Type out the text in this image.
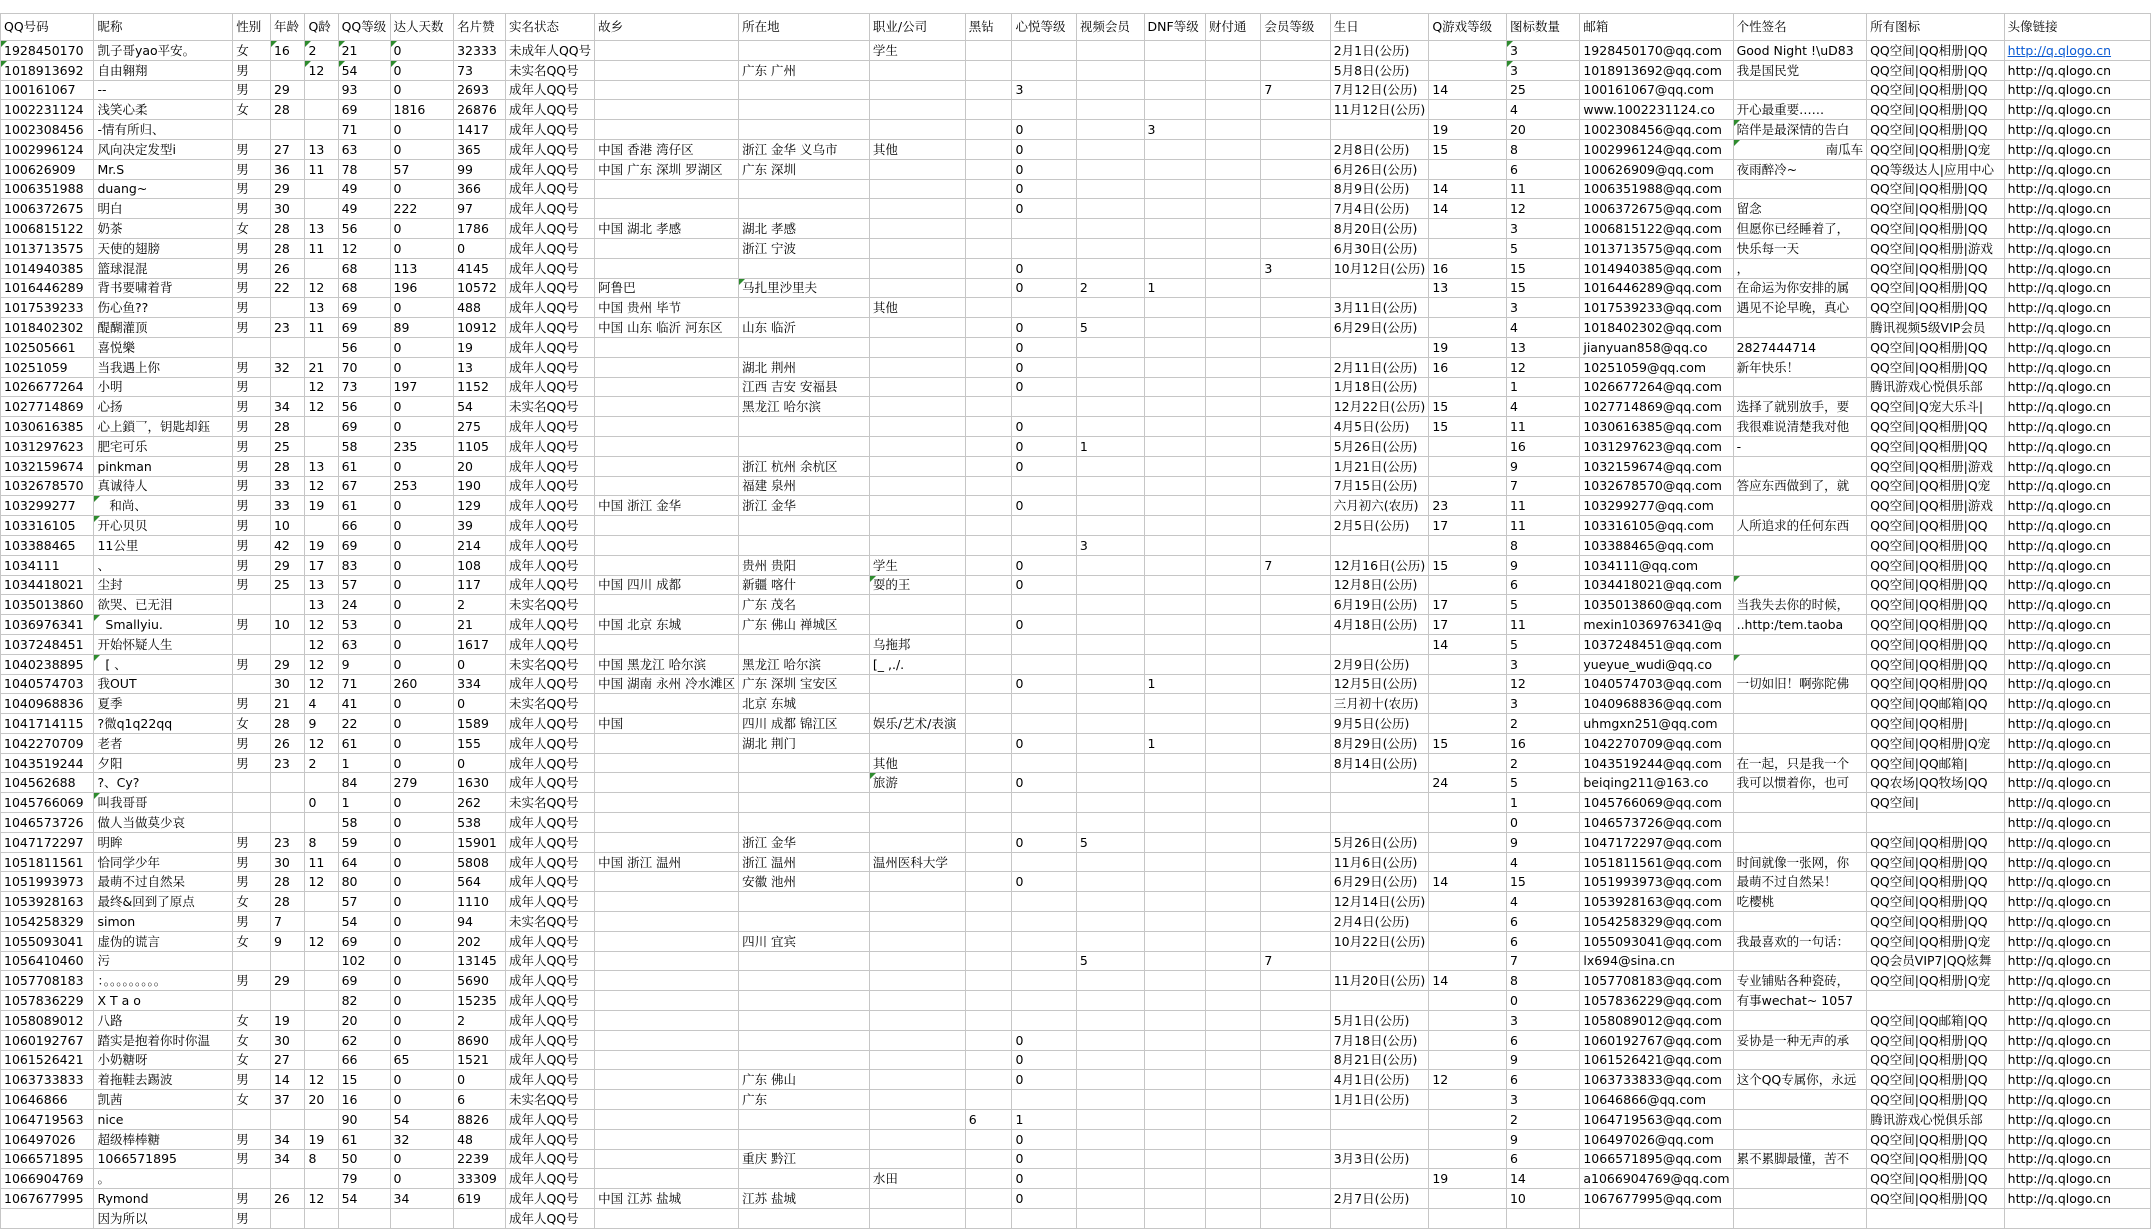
QQ号码	昵称	性别	年龄	Q龄	QQ等级	达人天数	名片赞	实名状态	故乡	所在地	职业/公司	黑钻	心悦等级	视频会员	DNF等级	财付通	会员等级	生日	Q游戏等级	图标数量	邮箱	个性签名	所有图标	头像链接
1928450170	凯子哥yao平安。	女	16	2	21	0	32333	未成年人QQ号			学生							2月1日(公历)		3	1928450170@qq.com	Good Night !\uD83	QQ空间|QQ相册|QQ	http://q.qlogo.cn
1018913692	自由翱翔	男		12	54	0	73	未实名QQ号		广东 广州								5月8日(公历)		3	1018913692@qq.com	我是国民党	QQ空间|QQ相册|QQ	http://q.qlogo.cn
100161067	--	男	29		93	0	2693	成年人QQ号					3				7	7月12日(公历)	14	25	100161067@qq.com		QQ空间|QQ相册|QQ	http://q.qlogo.cn
1002231124	浅笑心柔	女	28		69	1816	26876	成年人QQ号										11月12日(公历)		4	www.1002231124.co	开心最重要……	QQ空间|QQ相册|QQ	http://q.qlogo.cn
1002308456	-情有所归、				71	0	1417	成年人QQ号					0		3				19	20	1002308456@qq.com	陪伴是最深情的告白	QQ空间|QQ相册|QQ	http://q.qlogo.cn
1002996124	风向决定发型i	男	27	13	63	0	365	成年人QQ号	中国 香港 湾仔区	浙江 金华 义乌市	其他		0					2月8日(公历)	15	8	1002996124@qq.com	南瓜车	QQ空间|QQ相册|Q宠	http://q.qlogo.cn
100626909	Mr.S	男	36	11	78	57	99	成年人QQ号	中国 广东 深圳 罗湖区	广东 深圳			0					6月26日(公历)		6	100626909@qq.com	夜雨醉冷~	QQ等级达人|应用中心	http://q.qlogo.cn
1006351988	duang~	男	29		49	0	366	成年人QQ号					0					8月9日(公历)	14	11	1006351988@qq.com		QQ空间|QQ相册|QQ	http://q.qlogo.cn
1006372675	明白	男	30		49	222	97	成年人QQ号					0					7月4日(公历)	14	12	1006372675@qq.com	留念	QQ空间|QQ相册|QQ	http://q.qlogo.cn
1006815122	奶茶	女	28	13	56	0	1786	成年人QQ号	中国 湖北 孝感	湖北 孝感								8月20日(公历)		3	1006815122@qq.com	但愿你已经睡着了，	QQ空间|QQ相册|QQ	http://q.qlogo.cn
1013713575	天使的翅膀	男	28	11	12	0	0	成年人QQ号		浙江 宁波								6月30日(公历)		5	1013713575@qq.com	快乐每一天	QQ空间|QQ相册|游戏	http://q.qlogo.cn
1014940385	篮球混混	男	26		68	113	4145	成年人QQ号					0				3	10月12日(公历)	16	15	1014940385@qq.com	，	QQ空间|QQ相册|QQ	http://q.qlogo.cn
1016446289	背书要啸着背	男	22	12	68	196	10572	成年人QQ号	阿鲁巴	马扎里沙里夫			0	2	1				13	15	1016446289@qq.com	在命运为你安排的属	QQ空间|QQ相册|QQ	http://q.qlogo.cn
1017539233	伤心鱼??	男		13	69	0	488	成年人QQ号	中国 贵州 毕节		其他							3月11日(公历)		3	1017539233@qq.com	遇见不论早晚，真心	QQ空间|QQ相册|QQ	http://q.qlogo.cn
1018402302	醍醐灌顶	男	23	11	69	89	10912	成年人QQ号	中国 山东 临沂 河东区	山东 临沂			0	5				6月29日(公历)		4	1018402302@qq.com		腾讯视频5级VIP会员	http://q.qlogo.cn
102505661	喜悦樂				56	0	19	成年人QQ号					0						19	13	jianyuan858@qq.co	2827444714	QQ空间|QQ相册|QQ	http://q.qlogo.cn
10251059	当我遇上你	男	32	21	70	0	13	成年人QQ号		湖北 荆州			0					2月11日(公历)	16	12	10251059@qq.com	新年快乐！	QQ空间|QQ相册|QQ	http://q.qlogo.cn
1026677264	小明	男		12	73	197	1152	成年人QQ号		江西 吉安 安福县			0					1月18日(公历)		1	1026677264@qq.com		腾讯游戏心悦俱乐部	http://q.qlogo.cn
1027714869	心扬	男	34	12	56	0	54	未实名QQ号		黑龙江 哈尔滨								12月22日(公历)	15	4	1027714869@qq.com	选择了就别放手，要	QQ空间|Q宠大乐斗|	http://q.qlogo.cn
1030616385	心上鎖乛，钥匙却鈺	男	28		69	0	275	成年人QQ号					0					4月5日(公历)	15	11	1030616385@qq.com	我很难说清楚我对他	QQ空间|QQ相册|QQ	http://q.qlogo.cn
1031297623	肥宅可乐	男	25		58	235	1105	成年人QQ号					0	1				5月26日(公历)		16	1031297623@qq.com	-	QQ空间|QQ相册|QQ	http://q.qlogo.cn
1032159674	pinkman	男	28	13	61	0	20	成年人QQ号		浙江 杭州 余杭区			0					1月21日(公历)		9	1032159674@qq.com		QQ空间|QQ相册|游戏	http://q.qlogo.cn
1032678570	真诚待人	男	33	12	67	253	190	成年人QQ号		福建 泉州								7月15日(公历)		7	1032678570@qq.com	答应东西做到了，就	QQ空间|QQ相册|Q宠	http://q.qlogo.cn
103299277	和尚、	男	33	19	61	0	129	成年人QQ号	中国 浙江 金华	浙江 金华			0					六月初六(农历)	23	11	103299277@qq.com		QQ空间|QQ相册|游戏	http://q.qlogo.cn
103316105	开心贝贝	男	10		66	0	39	成年人QQ号										2月5日(公历)	17	11	103316105@qq.com	人所追求的任何东西	QQ空间|QQ相册|QQ	http://q.qlogo.cn
103388465	11公里	男	42	19	69	0	214	成年人QQ号						3						8	103388465@qq.com		QQ空间|QQ相册|QQ	http://q.qlogo.cn
1034111	、	男	29	17	83	0	108	成年人QQ号		贵州 贵阳	学生		0				7	12月16日(公历)	15	9	1034111@qq.com		QQ空间|QQ相册|QQ	http://q.qlogo.cn
1034418021	尘封	男	25	13	57	0	117	成年人QQ号	中国 四川 成都	新疆 喀什	耍的王		0					12月8日(公历)		6	1034418021@qq.com		QQ空间|QQ相册|QQ	http://q.qlogo.cn
1035013860	欲哭、已无泪			13	24	0	2	未实名QQ号		广东 茂名								6月19日(公历)	17	5	1035013860@qq.com	当我失去你的时候，	QQ空间|QQ相册|QQ	http://q.qlogo.cn
1036976341	Smallyiu.	男	10	12	53	0	21	成年人QQ号	中国 北京 东城	广东 佛山 禅城区			0					4月18日(公历)	17	11	mexin1036976341@q	..http:/tem.taoba	QQ空间|QQ相册|QQ	http://q.qlogo.cn
1037248451	开始怀疑人生			12	63	0	1617	成年人QQ号			乌拖邦								14	5	1037248451@qq.com		QQ空间|QQ相册|QQ	http://q.qlogo.cn
1040238895	[ 、	男	29	12	9	0	0	未实名QQ号	中国 黑龙江 哈尔滨	黑龙江 哈尔滨	[_ ,./.							2月9日(公历)		3	yueyue_wudi@qq.co		QQ空间|QQ相册|QQ	http://q.qlogo.cn
1040574703	我OUT		30	12	71	260	334	成年人QQ号	中国 湖南 永州 冷水滩区	广东 深圳 宝安区			0		1			12月5日(公历)		12	1040574703@qq.com	一切如旧！啊弥陀佛	QQ空间|QQ相册|QQ	http://q.qlogo.cn
1040968836	夏季	男	21	4	41	0	0	未实名QQ号		北京 东城								三月初十(农历)		3	1040968836@qq.com		QQ空间|QQ邮箱|QQ	http://q.qlogo.cn
1041714115	?微q1q22qq	女	28	9	22	0	1589	成年人QQ号	中国	四川 成都 锦江区	娱乐/艺术/表演							9月5日(公历)		2	uhmgxn251@qq.com		QQ空间|QQ相册|	http://q.qlogo.cn
1042270709	老者	男	26	12	61	0	155	成年人QQ号		湖北 荆门			0		1			8月29日(公历)	15	16	1042270709@qq.com		QQ空间|QQ相册|Q宠	http://q.qlogo.cn
1043519244	夕阳	男	23	2	1	0	0	成年人QQ号			其他							8月14日(公历)		2	1043519244@qq.com	在一起，只是我一个	QQ空间|QQ邮箱|	http://q.qlogo.cn
104562688	?、Cy?				84	279	1630	成年人QQ号			旅游		0						24	5	beiqing211@163.co	我可以惯着你，也可	QQ农场|QQ牧场|QQ	http://q.qlogo.cn
1045766069	叫我哥哥			0	1	0	262	未实名QQ号												1	1045766069@qq.com		QQ空间|	http://q.qlogo.cn
1046573726	做人当做莫少哀				58	0	538	成年人QQ号												0	1046573726@qq.com			http://q.qlogo.cn
1047172297	明眸	男	23	8	59	0	15901	成年人QQ号		浙江 金华			0	5				5月26日(公历)		9	1047172297@qq.com		QQ空间|QQ相册|QQ	http://q.qlogo.cn
1051811561	恰同学少年	男	30	11	64	0	5808	成年人QQ号	中国 浙江 温州	浙江 温州	温州医科大学							11月6日(公历)		4	1051811561@qq.com	时间就像一张网，你	QQ空间|QQ相册|QQ	http://q.qlogo.cn
1051993973	最萌不过自然呆	男	28	12	80	0	564	成年人QQ号		安徽 池州			0					6月29日(公历)	14	15	1051993973@qq.com	最萌不过自然呆！	QQ空间|QQ相册|QQ	http://q.qlogo.cn
1053928163	最终&回到了原点	女	28		57	0	1110	成年人QQ号										12月14日(公历)		4	1053928163@qq.com	吃樱桃	QQ空间|QQ相册|QQ	http://q.qlogo.cn
1054258329	simon	男	7		54	0	94	未实名QQ号										2月4日(公历)		6	1054258329@qq.com		QQ空间|QQ相册|QQ	http://q.qlogo.cn
1055093041	虚伪的谎言	女	9	12	69	0	202	成年人QQ号		四川 宜宾								10月22日(公历)		6	1055093041@qq.com	我最喜欢的一句话：	QQ空间|QQ相册|Q宠	http://q.qlogo.cn
1056410460	污				102	0	13145	成年人QQ号						5			7			7	lx694@sina.cn		QQ会员VIP7|QQ炫舞	http://q.qlogo.cn
1057708183	：。。。。。。。。。	男	29		69	0	5690	成年人QQ号										11月20日(公历)	14	8	1057708183@qq.com	专业铺贴各种瓷砖，	QQ空间|QQ相册|Q宠	http://q.qlogo.cn
1057836229	X T a o				82	0	15235	成年人QQ号												0	1057836229@qq.com	有事wechat~ 1057		http://q.qlogo.cn
1058089012	八路	女	19		20	0	2	成年人QQ号										5月1日(公历)		3	1058089012@qq.com		QQ空间|QQ邮箱|QQ	http://q.qlogo.cn
1060192767	踏实是抱着你时你温	女	30		62	0	8690	成年人QQ号					0					7月18日(公历)		6	1060192767@qq.com	妥协是一种无声的承	QQ空间|QQ相册|QQ	http://q.qlogo.cn
1061526421	小奶糖呀	女	27		66	65	1521	成年人QQ号					0					8月21日(公历)		9	1061526421@qq.com		QQ空间|QQ相册|QQ	http://q.qlogo.cn
1063733833	着拖鞋去踢波	男	14	12	15	0	0	成年人QQ号		广东 佛山			0					4月1日(公历)	12	6	1063733833@qq.com	这个QQ专属你，永远	QQ空间|QQ相册|QQ	http://q.qlogo.cn
10646866	凯茜	女	37	20	16	0	6	未实名QQ号		广东								1月1日(公历)		3	10646866@qq.com		QQ空间|QQ相册|QQ	http://q.qlogo.cn
1064719563	nice				90	54	8826	成年人QQ号				6	1							2	1064719563@qq.com		腾讯游戏心悦俱乐部	http://q.qlogo.cn
106497026	超级棒棒糖	男	34	19	61	32	48	成年人QQ号					0							9	106497026@qq.com		QQ空间|QQ相册|QQ	http://q.qlogo.cn
1066571895	1066571895	男	34	8	50	0	2239	成年人QQ号		重庆 黔江			0					3月3日(公历)		6	1066571895@qq.com	累不累脚最懂，苦不	QQ空间|QQ相册|QQ	http://q.qlogo.cn
1066904769	。				79	0	33309	成年人QQ号			水田		0						19	14	a1066904769@qq.com		QQ空间|QQ相册|QQ	http://q.qlogo.cn
1067677995	Rymond	男	26	12	54	34	619	成年人QQ号	中国 江苏 盐城	江苏 盐城			0					2月7日(公历)		10	1067677995@qq.com		QQ空间|QQ相册|QQ	http://q.qlogo.cn
	因为所以	男						成年人QQ号																
